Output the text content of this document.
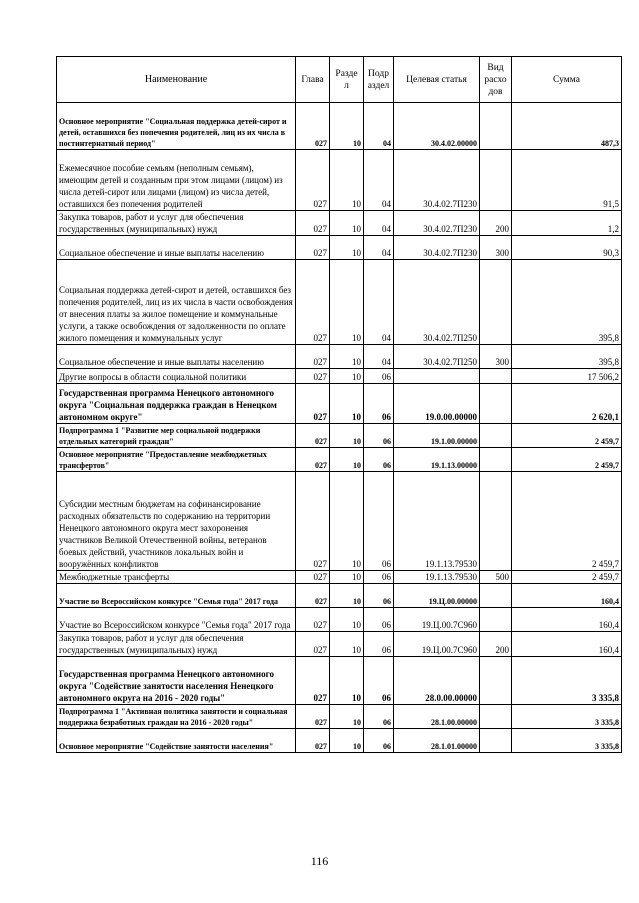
Наименование	Глава	Разде л	Подр аздел	Целевая статья	Вид расхо дов	Сумма
Основное мероприятие "Социальная поддержка детей-сирот и детей, оставшихся без попечения родителей, лиц из их числа в постинтернатный период"	027	10	04	30.4.02.00000		487,3
Ежемесячное пособие семьям (неполным семьям), имеющим детей и созданным при этом лицами (лицом) из числа детей-сирот или лицами (лицом) из числа детей, оставшихся без попечения родителей	027	10	04	30.4.02.7П230		91,5
Закупка товаров, работ и услуг для обеспечения государственных (муниципальных) нужд	027	10	04	30.4.02.7П230	200	1,2
Социальное обеспечение и иные выплаты населению	027	10	04	30.4.02.7П230	300	90,3
Социальная поддержка детей-сирот и детей, оставшихся без попечения родителей, лиц из их числа в части освобождения от внесения платы за жилое помещение и коммунальные услуги, а также освобождения от задолженности по оплате жилого помещения и коммунальных услуг	027	10	04	30.4.02.7П250		395,8
Социальное обеспечение и иные выплаты населению	027	10	04	30.4.02.7П250	300	395,8
Другие вопросы в области социальной политики	027	10	06			17 506,2
Государственная программа Ненецкого автономного округа "Социальная поддержка граждан в Ненецком автономном округе"	027	10	06	19.0.00.00000		2 620,1
Подпрограмма 1 "Развитие мер социальной поддержки отдельных категорий граждан"	027	10	06	19.1.00.00000		2 459,7
Основное мероприятие "Предоставление межбюджетных трансфертов"	027	10	06	19.1.13.00000		2 459,7
Субсидии местным бюджетам на софинансирование расходных обязательств по содержанию на территории Ненецкого автономного округа мест захоронения участников Великой Отечественной войны, ветеранов боевых действий, участников локальных войн и вооружённых конфликтов	027	10	06	19.1.13.79530		2 459,7
Межбюджетные трансферты	027	10	06	19.1.13.79530	500	2 459,7
Участие во Всероссийском конкурсе "Семья года" 2017 года	027	10	06	19.Ц.00.00000		160,4
Участие во Всероссийском конкурсе "Семья года" 2017 года	027	10	06	19.Ц.00.7С960		160,4
Закупка товаров, работ и услуг для обеспечения государственных (муниципальных) нужд	027	10	06	19.Ц.00.7С960	200	160,4
Государственная программа Ненецкого автономного округа "Содействие занятости населения Ненецкого автономного округа на 2016 - 2020 годы"	027	10	06	28.0.00.00000		3 335,8
Подпрограмма 1 "Активная политика занятости и социальная поддержка безработных граждан на 2016 - 2020 годы"	027	10	06	28.1.00.00000		3 335,8
Основное мероприятие "Содействие занятости населения"	027	10	06	28.1.01.00000		3 335,8
116
